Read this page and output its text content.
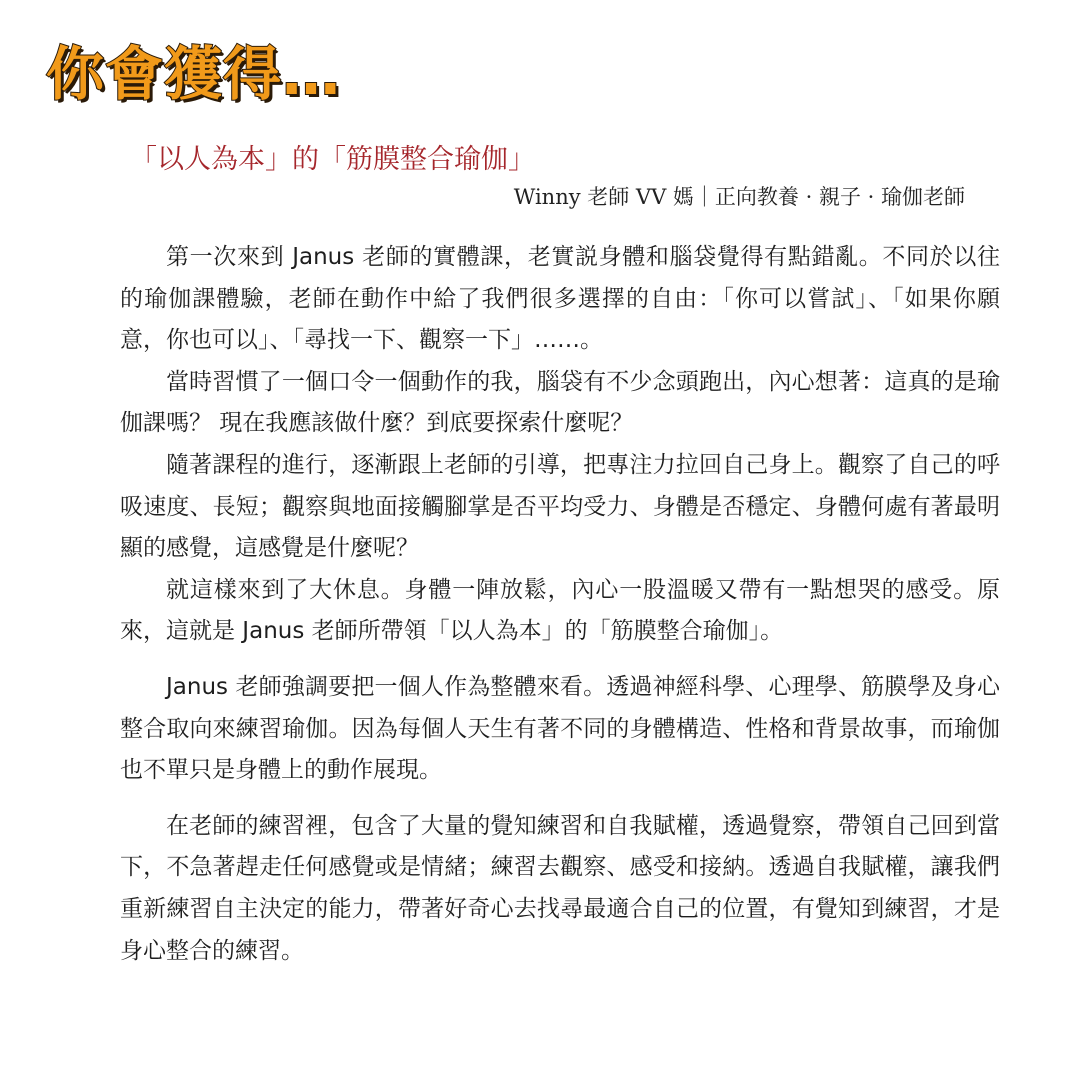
你會獲得…
「以人為本」的「筋膜整合瑜伽」
Winny 老師 VV 媽｜正向教養 · 親子 · 瑜伽老師

第一次來到 Janus 老師的實體課，老實説身體和腦袋覺得有點錯亂。不同於以往的瑜伽課體驗，老師在動作中給了我們很多選擇的自由：「你可以嘗試」、「如果你願意，你也可以」、「尋找一下、觀察一下」……。

當時習慣了一個口令一個動作的我，腦袋有不少念頭跑出，內心想著：這真的是瑜伽課嗎？ 現在我應該做什麼？到底要探索什麼呢？

隨著課程的進行，逐漸跟上老師的引導，把專注力拉回自己身上。觀察了自己的呼吸速度、長短；觀察與地面接觸腳掌是否平均受力、身體是否穩定、身體何處有著最明顯的感覺，這感覺是什麼呢？

就這樣來到了大休息。身體一陣放鬆，內心一股溫暖又帶有一點想哭的感受。原來，這就是 Janus 老師所帶領「以人為本」的「筋膜整合瑜伽」。

Janus 老師強調要把一個人作為整體來看。透過神經科學、心理學、筋膜學及身心整合取向來練習瑜伽。因為每個人天生有著不同的身體構造、性格和背景故事，而瑜伽也不單只是身體上的動作展現。

在老師的練習裡，包含了大量的覺知練習和自我賦權，透過覺察，帶領自己回到當下，不急著趕走任何感覺或是情緒；練習去觀察、感受和接納。透過自我賦權，讓我們重新練習自主決定的能力，帶著好奇心去找尋最適合自己的位置，有覺知到練習，才是身心整合的練習。
